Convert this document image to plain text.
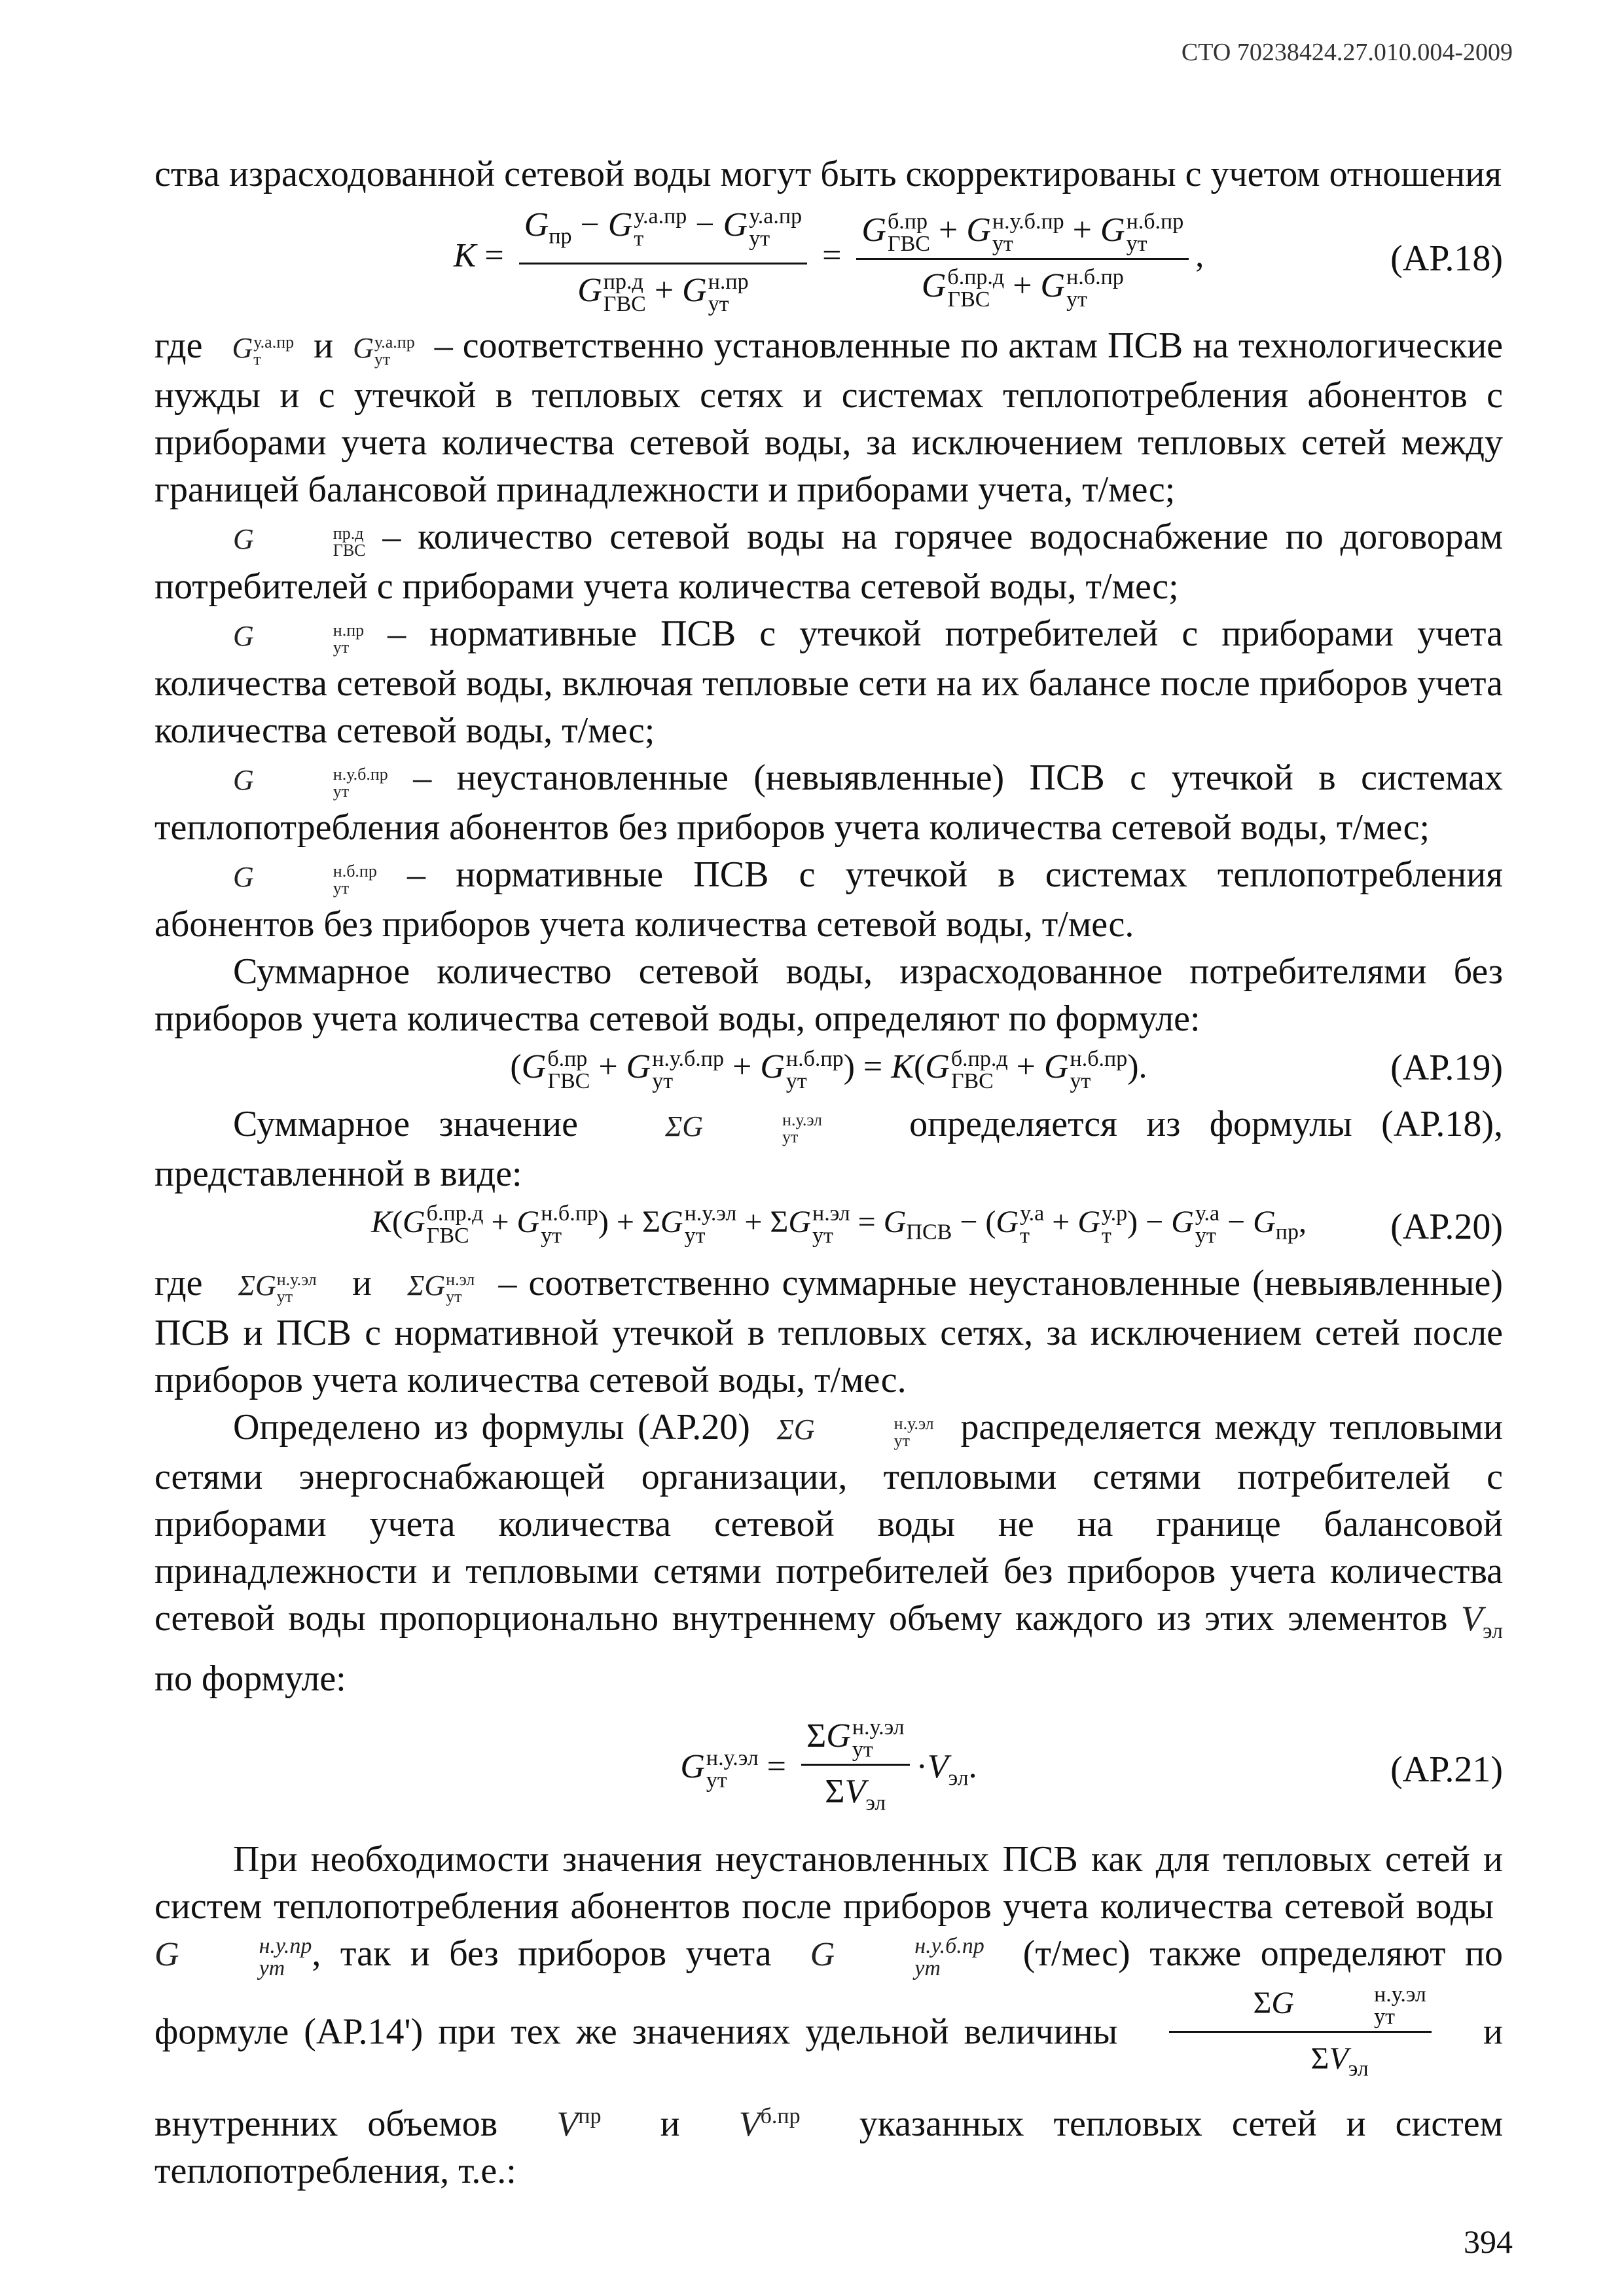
СТО 70238424.27.010.004-2009

ства израсходованной сетевой воды могут быть скорректированы с учетом отношения

$K = G_{пр} - G$ у.а.пр
т	− G у.а.пр
ут
G пр.д
ГВС + G н.пр
ут = G б.пр
ГВС + G н.у.б.пр
ут	+ G н.б.пр
ут
G б.пр.д
ГВС + G н.б.пр
ут ,	(АР.18)

где G у.а.пр
т	и G у.а.пр
ут	– соответственно установленные по актам ПСВ на технологические нужды и с утечкой в тепловых сетях и системах теплопотребления абонентов с приборами учета количества сетевой воды, за исключением тепловых сетей между границей балансовой принадлежности и приборами учета, т/мес;

G	пр.д
ГВС – количество сетевой воды на горячее водоснабжение по договорам потребителей с приборами учета количества сетевой воды, т/мес;

G	н.пр
ут	– нормативные ПСВ с утечкой потребителей с приборами учета количества сетевой воды, включая тепловые сети на их балансе после приборов учета количества сетевой воды, т/мес;

G	н.у.б.пр
ут	– неустановленные (невыявленные) ПСВ с утечкой в системах теплопотребления абонентов без приборов учета количества сетевой воды, т/мес;

G	н.б.пр
ут	– нормативные ПСВ с утечкой в системах теплопотребления абонентов без приборов учета количества сетевой воды, т/мес.

Суммарное количество сетевой воды, израсходованное потребителями без приборов учета количества сетевой воды, определяют по формуле:

(G б.пр
ГВС + G н.у.б.пр
ут	+ G н.б.пр
ут	) = K(G б.пр.д
ГВС + G н.б.пр
ут	).	(АР.19)

Суммарное значение	ΣG	н.у.эл
ут	определяется из формулы (АР.18), представленной в виде:

K(G б.пр.д
ГВС + G н.б.пр
ут	) + ΣG н.у.эл
ут + ΣG н.эл
ут = $G_{ПСВ} - (G$ у.а
т + G у.р
т ) − G у.а
ут − $G_{пр}$, (АР.20)

где ΣG н.у.эл
ут	и ΣG н.эл
ут – соответственно суммарные неустановленные (невыявленные) ПСВ и ПСВ с нормативной утечкой в тепловых сетях, за исключением сетей после приборов учета количества сетевой воды, т/мес.

Определено из формулы (АР.20) ΣG	н.у.эл
ут	распределяется между тепловыми сетями энергоснабжающей организации, тепловыми сетями потребителей с приборами учета количества сетевой воды не на границе балансовой принадлежности и тепловыми сетями потребителей без приборов учета количества сетевой воды пропорционально внутреннему объему каждого из этих элементов $V_{эл}$ по формуле:

G н.у.эл
ут = ΣG н.у.эл
ут
$\Sigma V_{эл} \cdot V_{эл}$.	(АР.21)

При необходимости значения неустановленных ПСВ как для тепловых сетей и систем теплопотребления абонентов после приборов учета количества сетевой воды  G	н.у.пр
ут , так и без приборов учета G	н.у.б.пр
ут	(т/мес) также определяют по формуле (АР.14') при тех же значениях удельной величины ΣG	н.у.эл
ут
$\Sigma V_{эл}$ и внутренних объемов $V^{пр}$ и $V^{б.пр}$ указанных тепловых сетей и систем теплопотребления, т.е.:

394
